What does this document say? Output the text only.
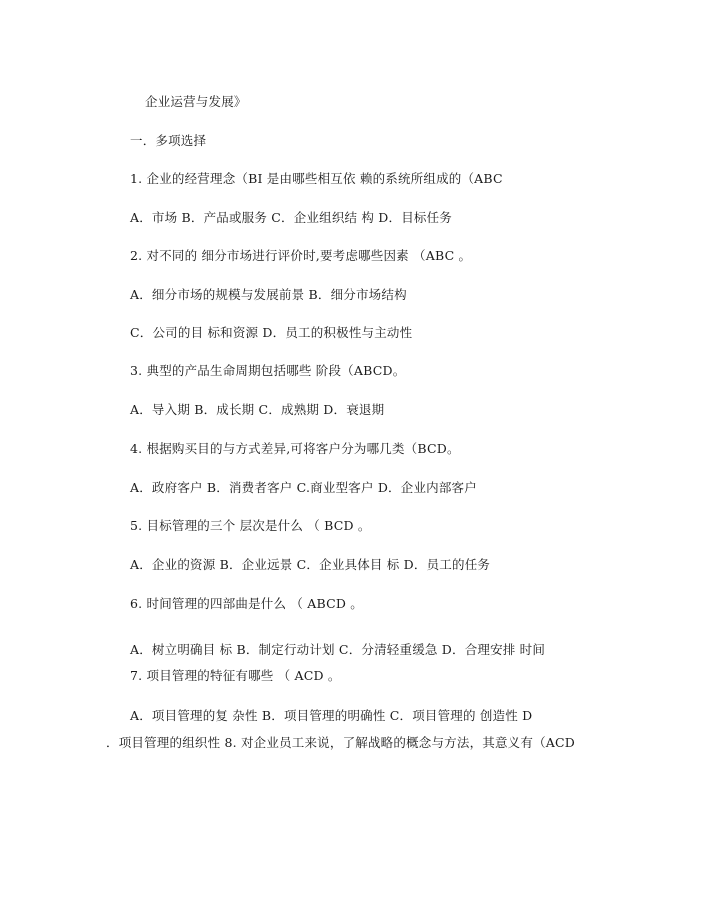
企业运营与发展》
一．多项选择
1. 企业的经营理念（BI 是由哪些相互依 赖的系统所组成的（ABC
A．市场 B．产品或服务 C．企业组织结 构 D．目标任务
2. 对不同的 细分市场进行评价时,要考虑哪些因素 （ABC 。
A．细分市场的规模与发展前景 B．细分市场结构
C．公司的目 标和资源 D．员工的积极性与主动性
3. 典型的产品生命周期包括哪些 阶段（ABCD。
A．导入期 B．成长期 C．成熟期 D．衰退期
4. 根据购买目的与方式差异,可将客户分为哪几类（BCD。
A．政府客户 B．消费者客户 C.商业型客户 D．企业内部客户
5. 目标管理的三个 层次是什么 （ BCD 。
A．企业的资源 B．企业远景 C．企业具体目 标 D．员工的任务
6. 时间管理的四部曲是什么 （ ABCD 。
A．树立明确目 标 B．制定行动计划 C．分清轻重缓急 D．合理安排 时间
7. 项目管理的特征有哪些 （ ACD 。
A．项目管理的复 杂性 B．项目管理的明确性 C．项目管理的 创造性 D
．项目管理的组织性 8. 对企业员工来说，了解战略的概念与方法，其意义有（ACD
